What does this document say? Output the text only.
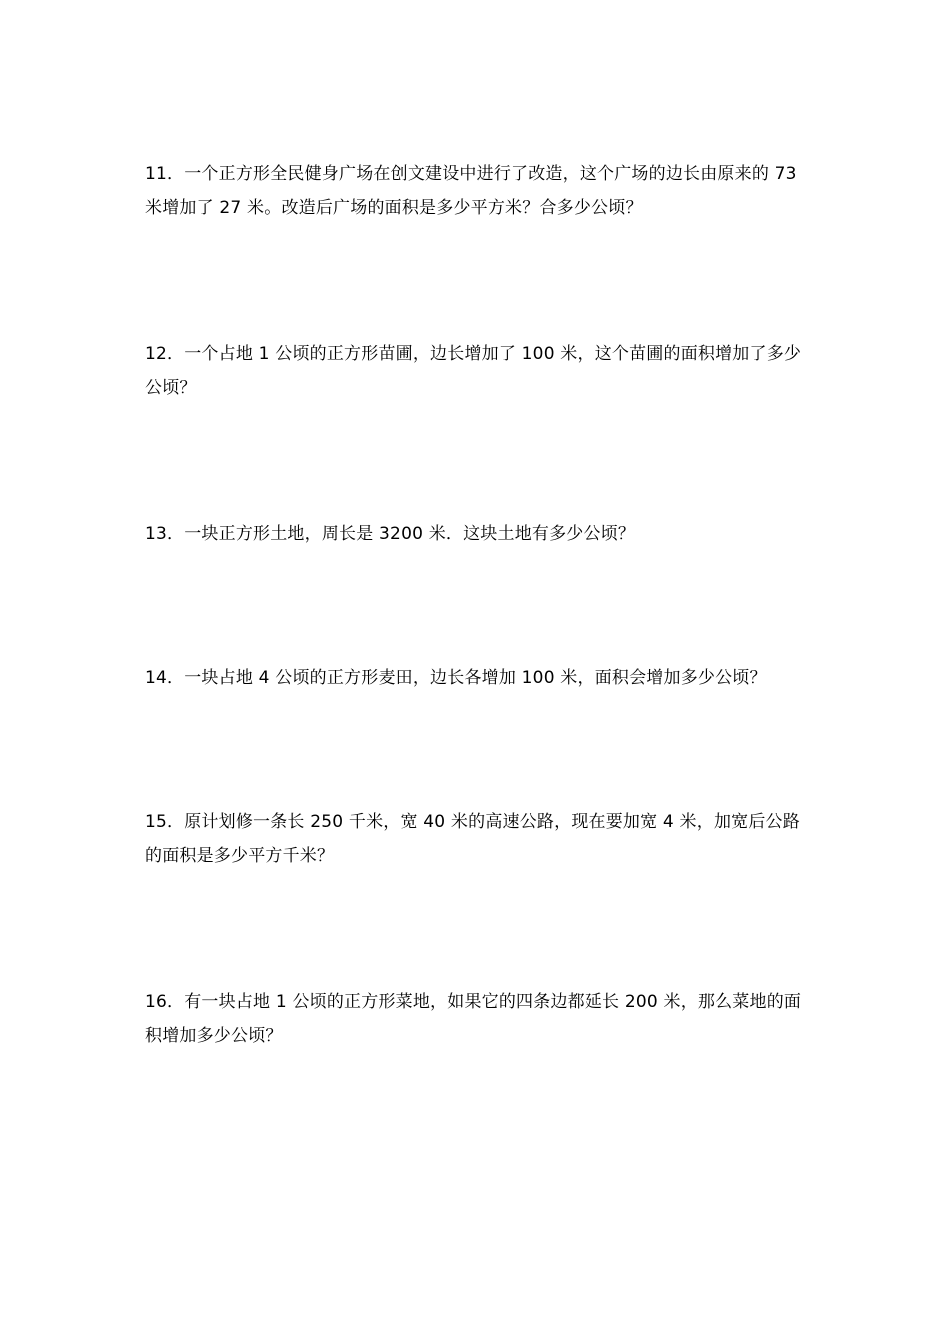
11．一个正方形全民健身广场在创文建设中进行了改造，这个广场的边长由原来的 73 米增加了 27 米。改造后广场的面积是多少平方米？合多少公顷？

12．一个占地 1 公顷的正方形苗圃，边长增加了 100 米，这个苗圃的面积增加了多少公顷？

13．一块正方形土地，周长是 3200 米．这块土地有多少公顷？

14．一块占地 4 公顷的正方形麦田，边长各增加 100 米，面积会增加多少公顷？

15．原计划修一条长 250 千米，宽 40 米的高速公路，现在要加宽 4 米，加宽后公路的面积是多少平方千米？

16．有一块占地 1 公顷的正方形菜地，如果它的四条边都延长 200 米，那么菜地的面积增加多少公顷？
